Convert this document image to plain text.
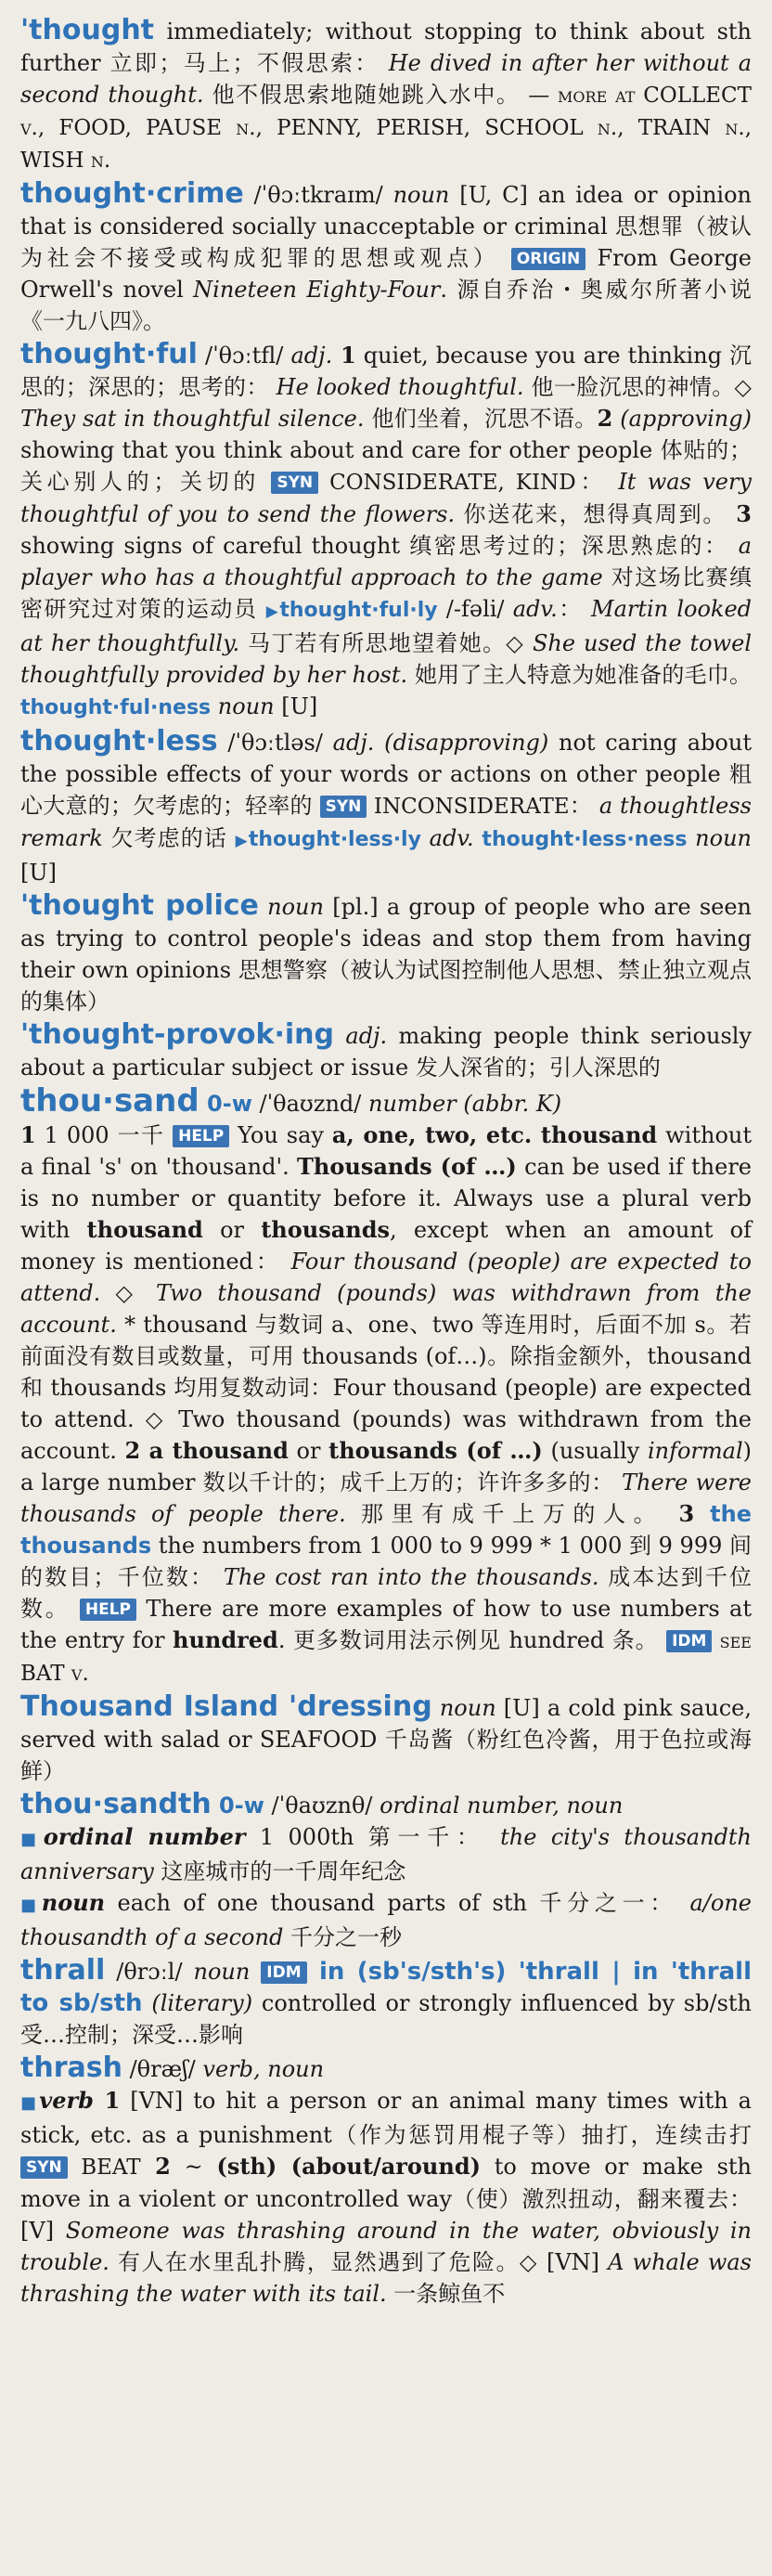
'thought immediately; without stopping to think about sth further 立即；马上；不假思索： He dived in after her without a second thought. 他不假思索地随她跳入水中。 — more at COLLECT v., FOOD, PAUSE n., PENNY, PERISH, SCHOOL n., TRAIN n., WISH n.

thought·crime /ˈθɔːtkraɪm/ noun [U, C] an idea or opinion that is considered socially unacceptable or criminal 思想罪（被认为社会不接受或构成犯罪的思想或观点） ORIGIN From George Orwell's novel Nineteen Eighty-Four. 源自乔治・奥威尔所著小说《一九八四》。

thought·ful /ˈθɔːtfl/ adj. 1 quiet, because you are thinking 沉思的；深思的；思考的： He looked thoughtful. 他一脸沉思的神情。◇ They sat in thoughtful silence. 他们坐着，沉思不语。2 (approving) showing that you think about and care for other people 体贴的；关心别人的；关切的 SYN CONSIDERATE, KIND： It was very thoughtful of you to send the flowers. 你送花来，想得真周到。 3 showing signs of careful thought 缜密思考过的；深思熟虑的： a player who has a thoughtful approach to the game 对这场比赛缜密研究过对策的运动员 ▶thought·ful·ly /-fəli/ adv.： Martin looked at her thoughtfully. 马丁若有所思地望着她。◇ She used the towel thoughtfully provided by her host. 她用了主人特意为她准备的毛巾。 thought·ful·ness noun [U]

thought·less /ˈθɔːtləs/ adj. (disapproving) not caring about the possible effects of your words or actions on other people 粗心大意的；欠考虑的；轻率的 SYN INCONSIDERATE： a thoughtless remark 欠考虑的话 ▶thought·less·ly adv. thought·less·ness noun [U]

'thought police noun [pl.] a group of people who are seen as trying to control people's ideas and stop them from having their own opinions 思想警察（被认为试图控制他人思想、禁止独立观点的集体）

'thought-provok·ing adj. making people think seriously about a particular subject or issue 发人深省的；引人深思的

thou·sand 0-ᴡ /ˈθaʊznd/ number (abbr. K)
1 1 000 一千 HELP You say a, one, two, etc. thousand without a final 's' on 'thousand'. Thousands (of …) can be used if there is no number or quantity before it. Always use a plural verb with thousand or thousands, except when an amount of money is mentioned： Four thousand (people) are expected to attend. ◇ Two thousand (pounds) was withdrawn from the account. * thousand 与数词 a、one、two 等连用时，后面不加 s。若前面没有数目或数量，可用 thousands (of…)。除指金额外，thousand 和 thousands 均用复数动词：Four thousand (people) are expected to attend. ◇ Two thousand (pounds) was withdrawn from the account. 2 a thousand or thousands (of …) (usually informal) a large number 数以千计的；成千上万的；许许多多的： There were thousands of people there. 那里有成千上万的人。 3 the thousands the numbers from 1 000 to 9 999 * 1 000 到 9 999 间的数目；千位数： The cost ran into the thousands. 成本达到千位数。 HELP There are more examples of how to use numbers at the entry for hundred. 更多数词用法示例见 hundred 条。 IDM see BAT v.

Thousand Island 'dressing noun [U] a cold pink sauce, served with salad or SEAFOOD 千岛酱（粉红色冷酱，用于色拉或海鲜）

thou·sandth 0-ᴡ /ˈθaʊznθ/ ordinal number, noun
■ordinal number 1 000th 第一千： the city's thousandth anniversary 这座城市的一千周年纪念
■noun each of one thousand parts of sth 千分之一： a/one thousandth of a second 千分之一秒

thrall /θrɔːl/ noun IDM in (sb's/sth's) 'thrall | in 'thrall to sb/sth (literary) controlled or strongly influenced by sb/sth 受…控制；深受…影响

thrash /θræʃ/ verb, noun
■verb 1 [VN] to hit a person or an animal many times with a stick, etc. as a punishment（作为惩罚用棍子等）抽打，连续击打 SYN BEAT 2 ~ (sth) (about/around) to move or make sth move in a violent or uncontrolled way（使）激烈扭动，翻来覆去：[V] Someone was thrashing around in the water, obviously in trouble. 有人在水里乱扑腾，显然遇到了危险。◇ [VN] A whale was thrashing the water with its tail. 一条鲸鱼不
